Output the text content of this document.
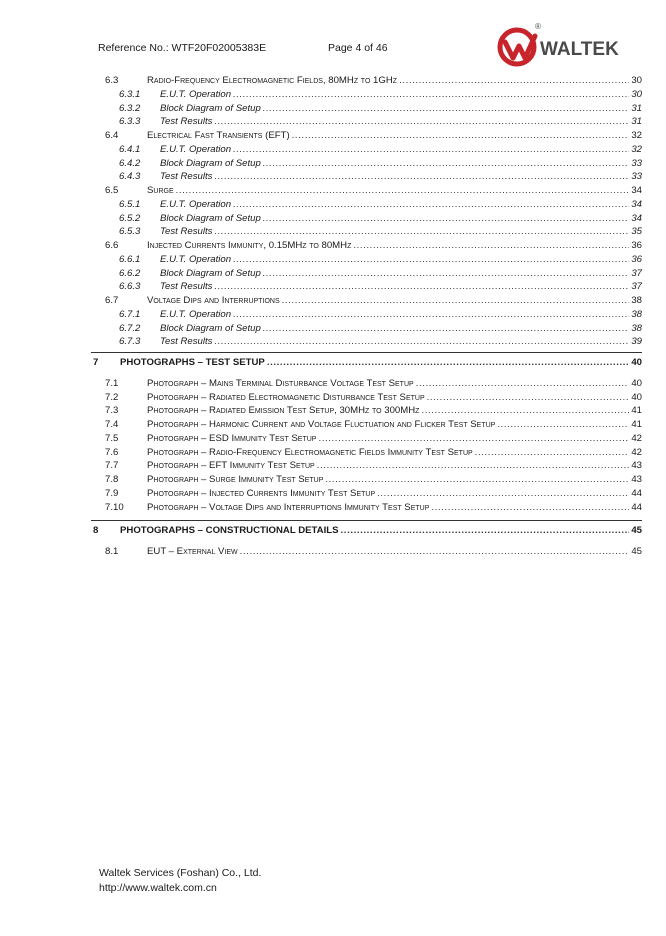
Reference No.: WTF20F02005383E	Page 4 of 46	WALTEK
®
6.3	Radio-Frequency Electromagnetic Fields, 80MHz to 1GHz .....	30
6.3.1 E.U.T. Operation .....	30
6.3.2 Block Diagram of Setup .....	31
6.3.3 Test Results .....	31
6.4	Electrical Fast Transients (EFT) .....	32
6.4.1 E.U.T. Operation .....	32
6.4.2 Block Diagram of Setup .....	33
6.4.3 Test Results .....	33
6.5	Surge .....	34
6.5.1 E.U.T. Operation .....	34
6.5.2 Block Diagram of Setup .....	34
6.5.3 Test Results .....	35
6.6	Injected Currents Immunity, 0.15MHz to 80MHz .....	36
6.6.1 E.U.T. Operation .....	36
6.6.2 Block Diagram of Setup .....	37
6.6.3 Test Results .....	37
6.7	Voltage Dips and Interruptions .....	38
6.7.1 E.U.T. Operation .....	38
6.7.2 Block Diagram of Setup .....	38
6.7.3 Test Results .....	39
7 PHOTOGRAPHS – TEST SETUP .....	40
7.1	Photograph – Mains Terminal Disturbance Voltage Test Setup .....	40
7.2	Photograph – Radiated Electromagnetic Disturbance Test Setup .....	40
7.3	Photograph – Radiated Emission Test Setup, 30MHz to 300MHz .....	41
7.4	Photograph – Harmonic Current and Voltage Fluctuation and Flicker Test Setup .....	41
7.5	Photograph – ESD Immunity Test Setup .....	42
7.6	Photograph – Radio-Frequency Electromagnetic Fields Immunity Test Setup .....	42
7.7	Photograph – EFT Immunity Test Setup .....	43
7.8	Photograph – Surge Immunity Test Setup .....	43
7.9	Photograph – Injected Currents Immunity Test Setup .....	44
7.10 Photograph – Voltage Dips and Interruptions Immunity Test Setup .....	44
8 PHOTOGRAPHS – CONSTRUCTIONAL DETAILS .....	45
8.1	EUT – External View .....	45
Waltek Services (Foshan) Co., Ltd.
http://www.waltek.com.cn
